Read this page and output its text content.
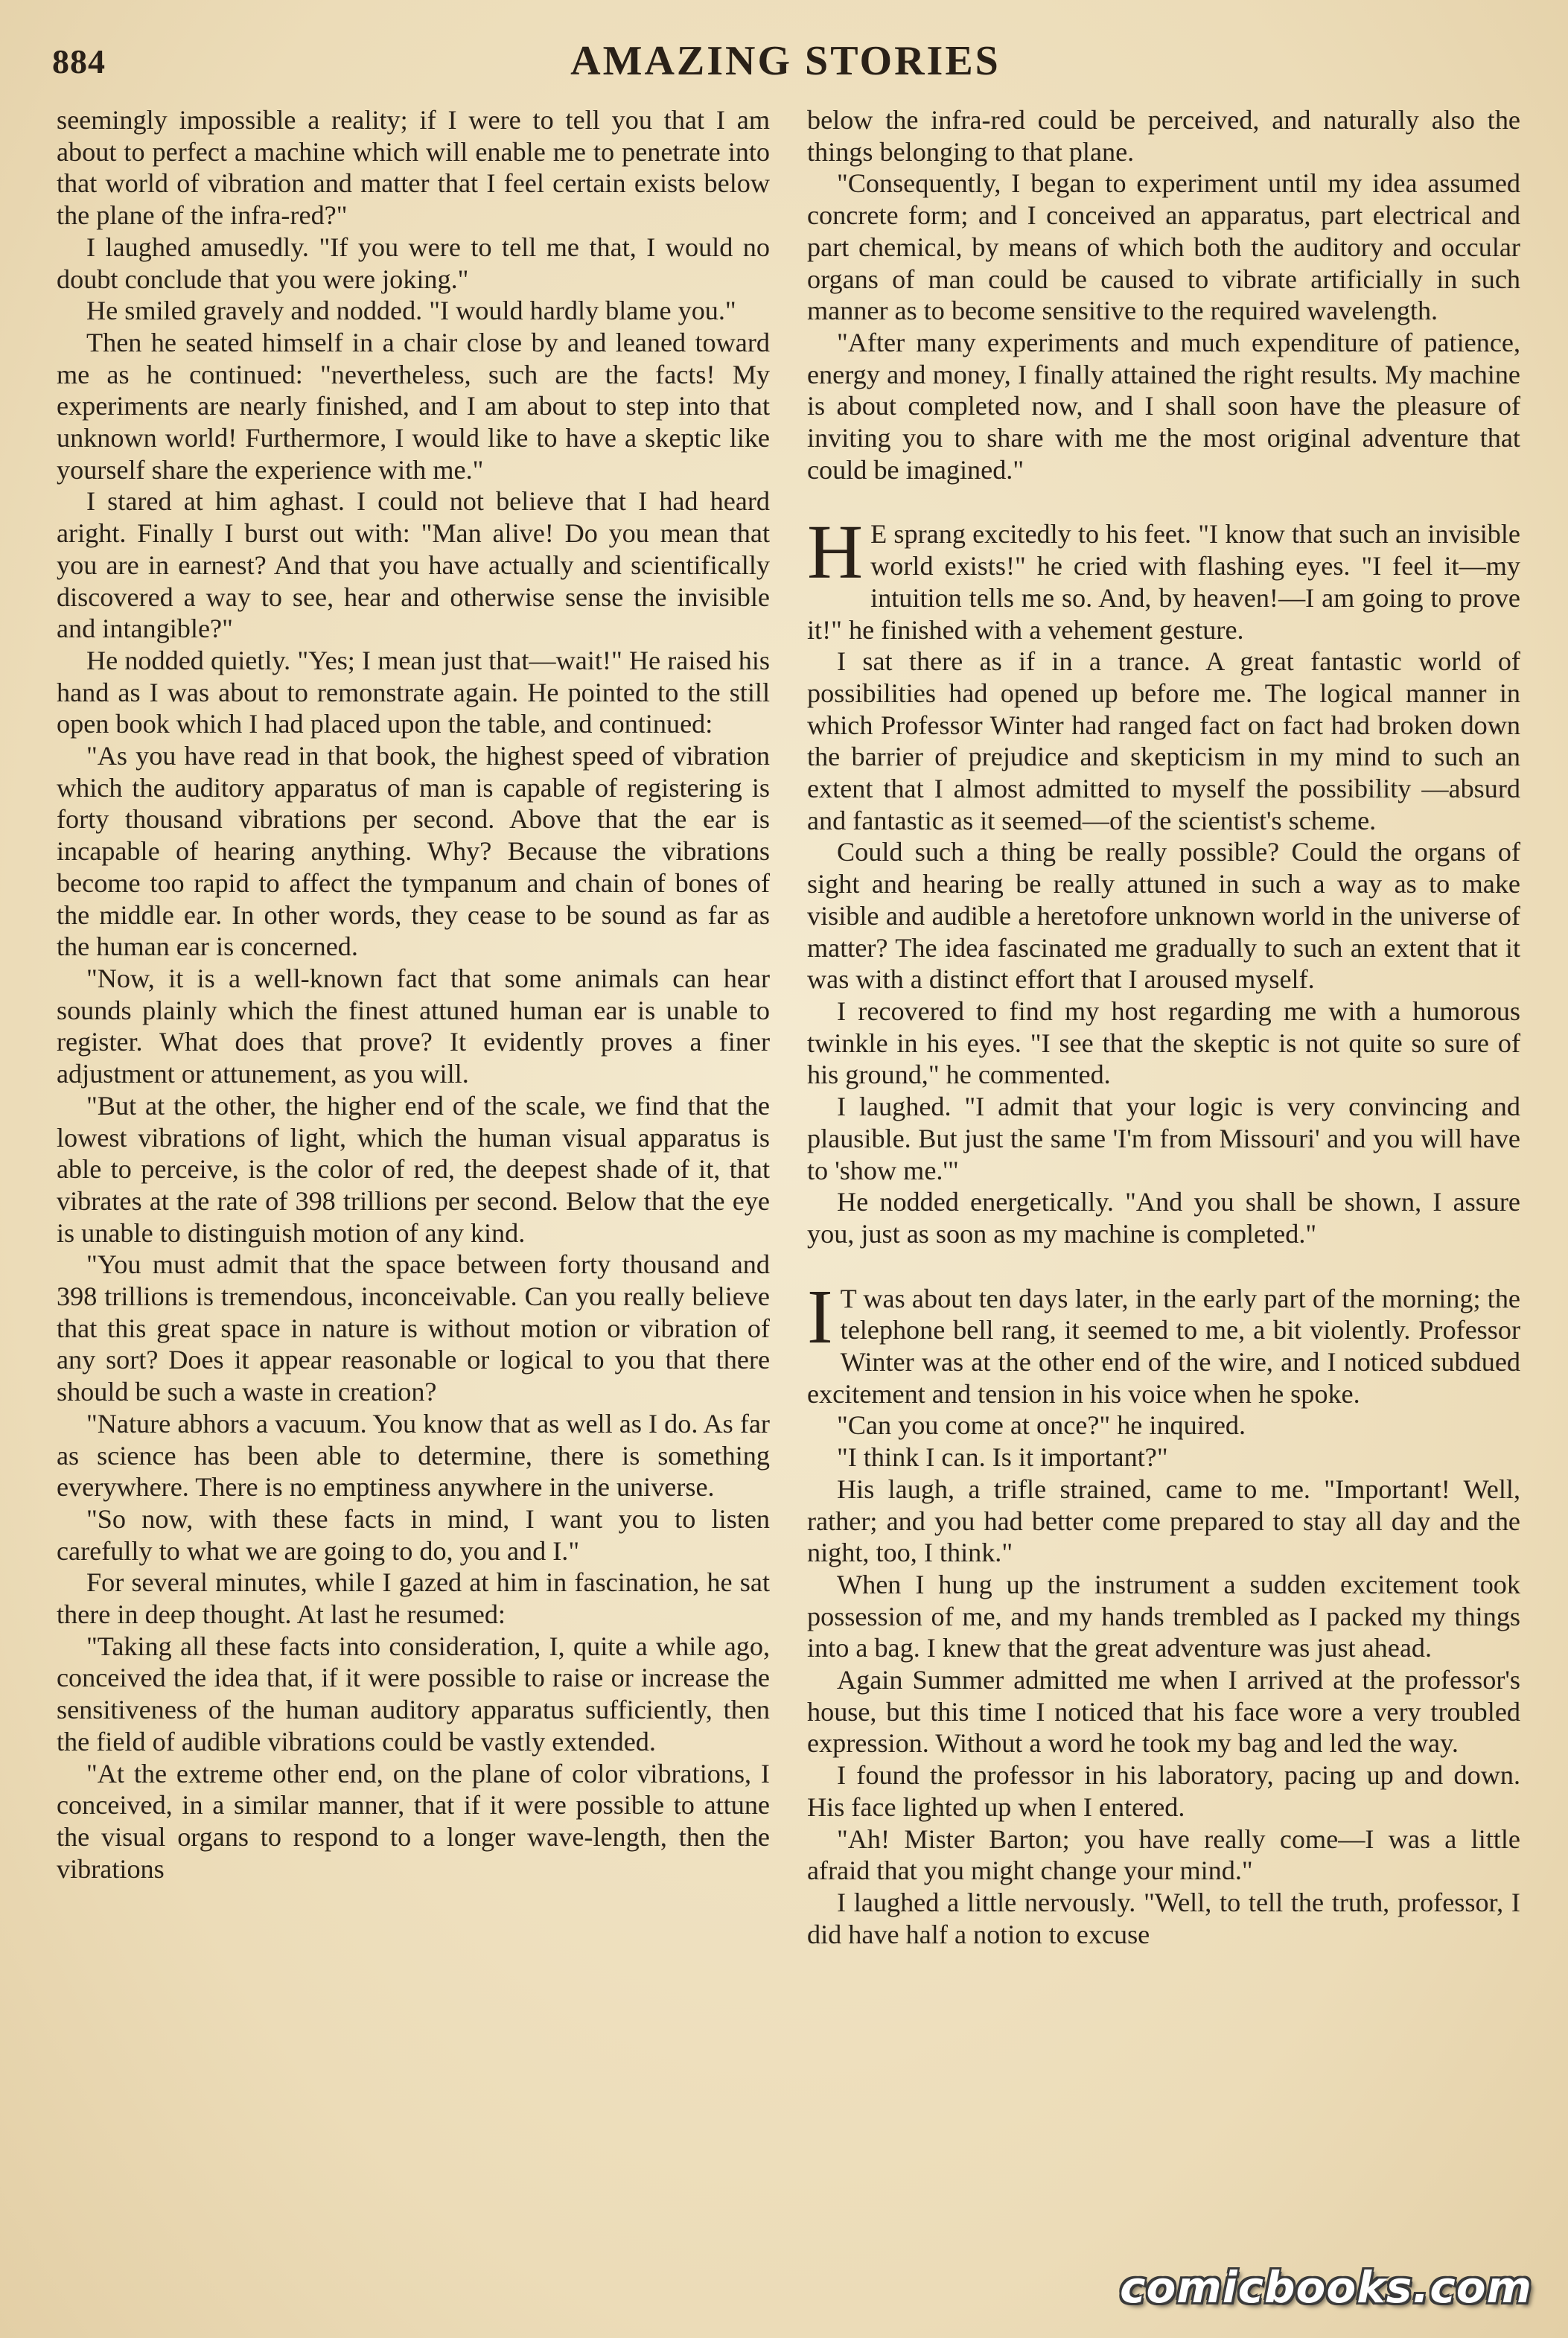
884	AMAZING STORIES

seemingly impossible a reality; if I were to tell you that I am about to perfect a machine which will enable me to penetrate into that world of vibration and matter that I feel certain exists below the plane of the infra-red?"

I laughed amusedly. "If you were to tell me that, I would no doubt conclude that you were joking."

He smiled gravely and nodded. "I would hardly blame you."

Then he seated himself in a chair close by and leaned toward me as he continued: "nevertheless, such are the facts! My experiments are nearly finished, and I am about to step into that unknown world! Furthermore, I would like to have a skeptic like yourself share the experience with me."

I stared at him aghast. I could not believe that I had heard aright. Finally I burst out with: "Man alive! Do you mean that you are in earnest? And that you have actually and scientifically discovered a way to see, hear and otherwise sense the invisible and intangible?"

He nodded quietly. "Yes; I mean just that—wait!" He raised his hand as I was about to remonstrate again. He pointed to the still open book which I had placed upon the table, and continued:

"As you have read in that book, the highest speed of vibration which the auditory apparatus of man is capable of registering is forty thousand vibrations per second. Above that the ear is incapable of hearing anything. Why? Because the vibrations become too rapid to affect the tympanum and chain of bones of the middle ear. In other words, they cease to be sound as far as the human ear is concerned.

"Now, it is a well-known fact that some animals can hear sounds plainly which the finest attuned human ear is unable to register. What does that prove? It evidently proves a finer adjustment or attunement, as you will.

"But at the other, the higher end of the scale, we find that the lowest vibrations of light, which the human visual apparatus is able to perceive, is the color of red, the deepest shade of it, that vibrates at the rate of 398 trillions per second. Below that the eye is unable to distinguish motion of any kind.

"You must admit that the space between forty thousand and 398 trillions is tremendous, inconceivable. Can you really believe that this great space in nature is without motion or vibration of any sort? Does it appear reasonable or logical to you that there should be such a waste in creation?

"Nature abhors a vacuum. You know that as well as I do. As far as science has been able to determine, there is something everywhere. There is no emptiness anywhere in the universe.

"So now, with these facts in mind, I want you to listen carefully to what we are going to do, you and I."

For several minutes, while I gazed at him in fascination, he sat there in deep thought. At last he resumed:

"Taking all these facts into consideration, I, quite a while ago, conceived the idea that, if it were possible to raise or increase the sensitiveness of the human auditory apparatus sufficiently, then the field of audible vibrations could be vastly extended.

"At the extreme other end, on the plane of color vibrations, I conceived, in a similar manner, that if it were possible to attune the visual organs to respond to a longer wave-length, then the vibrations

below the infra-red could be perceived, and naturally also the things belonging to that plane.

"Consequently, I began to experiment until my idea assumed concrete form; and I conceived an apparatus, part electrical and part chemical, by means of which both the auditory and occular organs of man could be caused to vibrate artificially in such manner as to become sensitive to the required wavelength.

"After many experiments and much expenditure of patience, energy and money, I finally attained the right results. My machine is about completed now, and I shall soon have the pleasure of inviting you to share with me the most original adventure that could be imagined."

H E sprang excitedly to his feet. "I know that such an invisible world exists!" he cried with flashing eyes. "I feel it—my intuition tells me so. And, by heaven!—I am going to prove it!" he finished with a vehement gesture.

I sat there as if in a trance. A great fantastic world of possibilities had opened up before me. The logical manner in which Professor Winter had ranged fact on fact had broken down the barrier of prejudice and skepticism in my mind to such an extent that I almost admitted to myself the possibility —absurd and fantastic as it seemed—of the scientist's scheme.

Could such a thing be really possible? Could the organs of sight and hearing be really attuned in such a way as to make visible and audible a heretofore unknown world in the universe of matter? The idea fascinated me gradually to such an extent that it was with a distinct effort that I aroused myself.

I recovered to find my host regarding me with a humorous twinkle in his eyes. "I see that the skeptic is not quite so sure of his ground," he commented.

I laughed. "I admit that your logic is very convincing and plausible. But just the same 'I'm from Missouri' and you will have to 'show me.'"

He nodded energetically. "And you shall be shown, I assure you, just as soon as my machine is completed."

I T was about ten days later, in the early part of the morning; the telephone bell rang, it seemed to me, a bit violently. Professor Winter was at the other end of the wire, and I noticed subdued excitement and tension in his voice when he spoke.

"Can you come at once?" he inquired.

"I think I can. Is it important?"

His laugh, a trifle strained, came to me. "Important! Well, rather; and you had better come prepared to stay all day and the night, too, I think."

When I hung up the instrument a sudden excitement took possession of me, and my hands trembled as I packed my things into a bag. I knew that the great adventure was just ahead.

Again Summer admitted me when I arrived at the professor's house, but this time I noticed that his face wore a very troubled expression. Without a word he took my bag and led the way.

I found the professor in his laboratory, pacing up and down. His face lighted up when I entered.

"Ah! Mister Barton; you have really come—I was a little afraid that you might change your mind."

I laughed a little nervously. "Well, to tell the truth, professor, I did have half a notion to excuse

comicbooks.com
